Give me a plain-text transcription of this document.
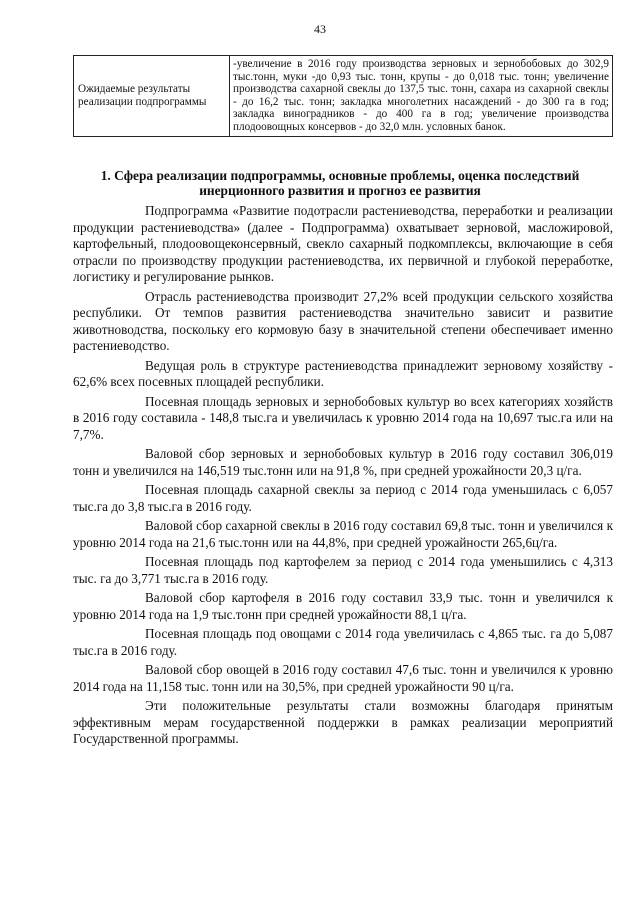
43
Ожидаемые результаты реализации подпрограммы	-увеличение в 2016 году производства зерновых и зернобобовых до 302,9 тыс.тонн, муки -до 0,93 тыс. тонн, крупы - до 0,018 тыс. тонн; увеличение производства сахарной свеклы до 137,5 тыс. тонн, сахара из сахарной свеклы - до 16,2 тыс. тонн; закладка многолетних насаждений - до 300 га в год; закладка виноградников - до 400 га в год; увеличение производства плодоовощных консервов - до 32,0 млн. условных банок.
1. Сфера реализации подпрограммы, основные проблемы, оценка последствий инерционного развития и прогноз ее развития

Подпрограмма «Развитие подотрасли растениеводства, переработки и реализации продукции растениеводства» (далее - Подпрограмма) охватывает зерновой, масложировой, картофельный, плодоовощеконсервный, свекло сахарный подкомплексы, включающие в себя отрасли по производству продукции растениеводства, их первичной и глубокой переработке, логистику и регулирование рынков.

Отрасль растениеводства производит 27,2% всей продукции сельского хозяйства республики. От темпов развития растениеводства значительно зависит и развитие животноводства, поскольку его кормовую базу в значительной степени обеспечивает именно растениеводство.

Ведущая роль в структуре растениеводства принадлежит зерновому хозяйству - 62,6% всех посевных площадей республики.

Посевная площадь зерновых и зернобобовых культур во всех категориях хозяйств в 2016 году составила - 148,8 тыс.га и увеличилась к уровню 2014 года на 10,697 тыс.га или на 7,7%.

Валовой сбор зерновых и зернобобовых культур в 2016 году составил 306,019 тонн и увеличился на 146,519 тыс.тонн или на 91,8 %, при средней урожайности 20,3 ц/га.

Посевная площадь сахарной свеклы за период с 2014 года уменьшилась с 6,057 тыс.га до 3,8 тыс.га в 2016 году.

Валовой сбор сахарной свеклы в 2016 году составил 69,8 тыс. тонн и увеличился к уровню 2014 года на 21,6 тыс.тонн или на 44,8%, при средней урожайности 265,6ц/га.

Посевная площадь под картофелем за период с 2014 года уменьшились с 4,313 тыс. га до 3,771 тыс.га в 2016 году.

Валовой сбор картофеля в 2016 году составил 33,9 тыс. тонн и увеличился к уровню 2014 года на 1,9 тыс.тонн при средней урожайности 88,1 ц/га.

Посевная площадь под овощами с 2014 года увеличилась с 4,865 тыс. га до 5,087 тыс.га в 2016 году.

Валовой сбор овощей в 2016 году составил 47,6 тыс. тонн и увеличился к уровню 2014 года на 11,158 тыс. тонн или на 30,5%, при средней урожайности 90 ц/га.

Эти положительные результаты стали возможны благодаря принятым эффективным мерам государственной поддержки в рамках реализации мероприятий Государственной программы.
